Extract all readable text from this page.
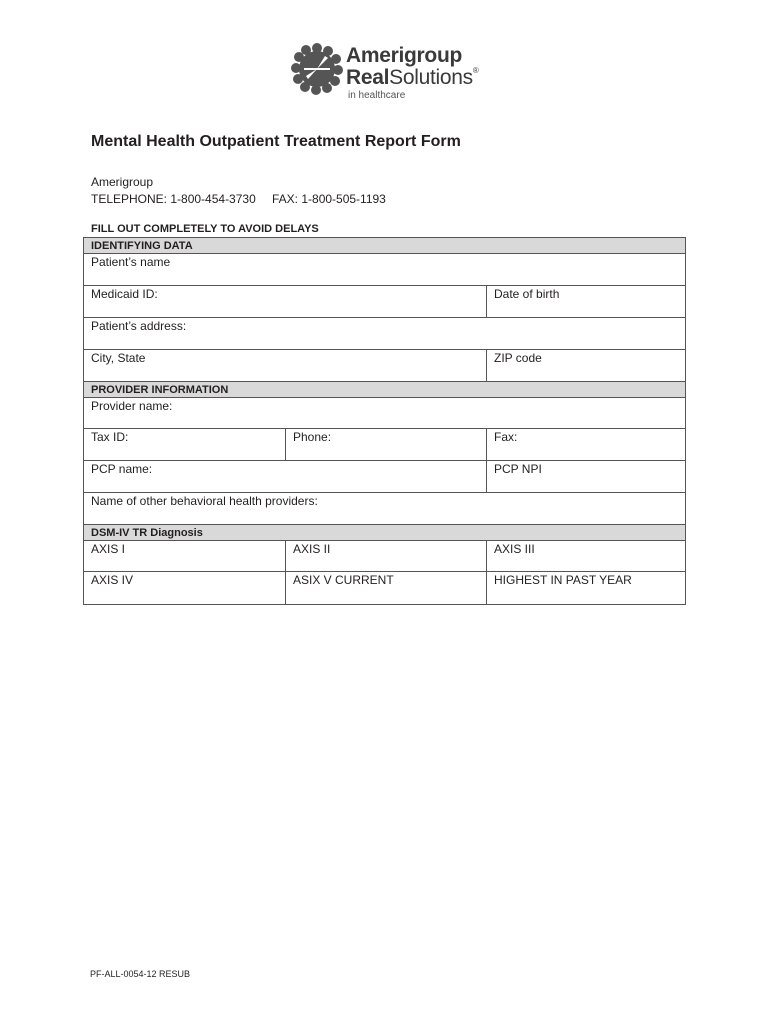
Amerigroup
RealSolutions®
in healthcare
Mental Health Outpatient Treatment Report Form
Amerigroup
TELEPHONE: 1-800-454-3730 FAX: 1-800-505-1193
FILL OUT COMPLETELY TO AVOID DELAYS
IDENTIFYING DATA
Patient’s name
Medicaid ID:	Date of birth
Patient’s address:
City, State	ZIP code
PROVIDER INFORMATION
Provider name:
Tax ID:	Phone:	Fax:
PCP name:	PCP NPI
Name of other behavioral health providers:
DSM-IV TR Diagnosis
AXIS I	AXIS II	AXIS III
AXIS IV	ASIX V CURRENT	HIGHEST IN PAST YEAR
PF-ALL-0054-12 RESUB
